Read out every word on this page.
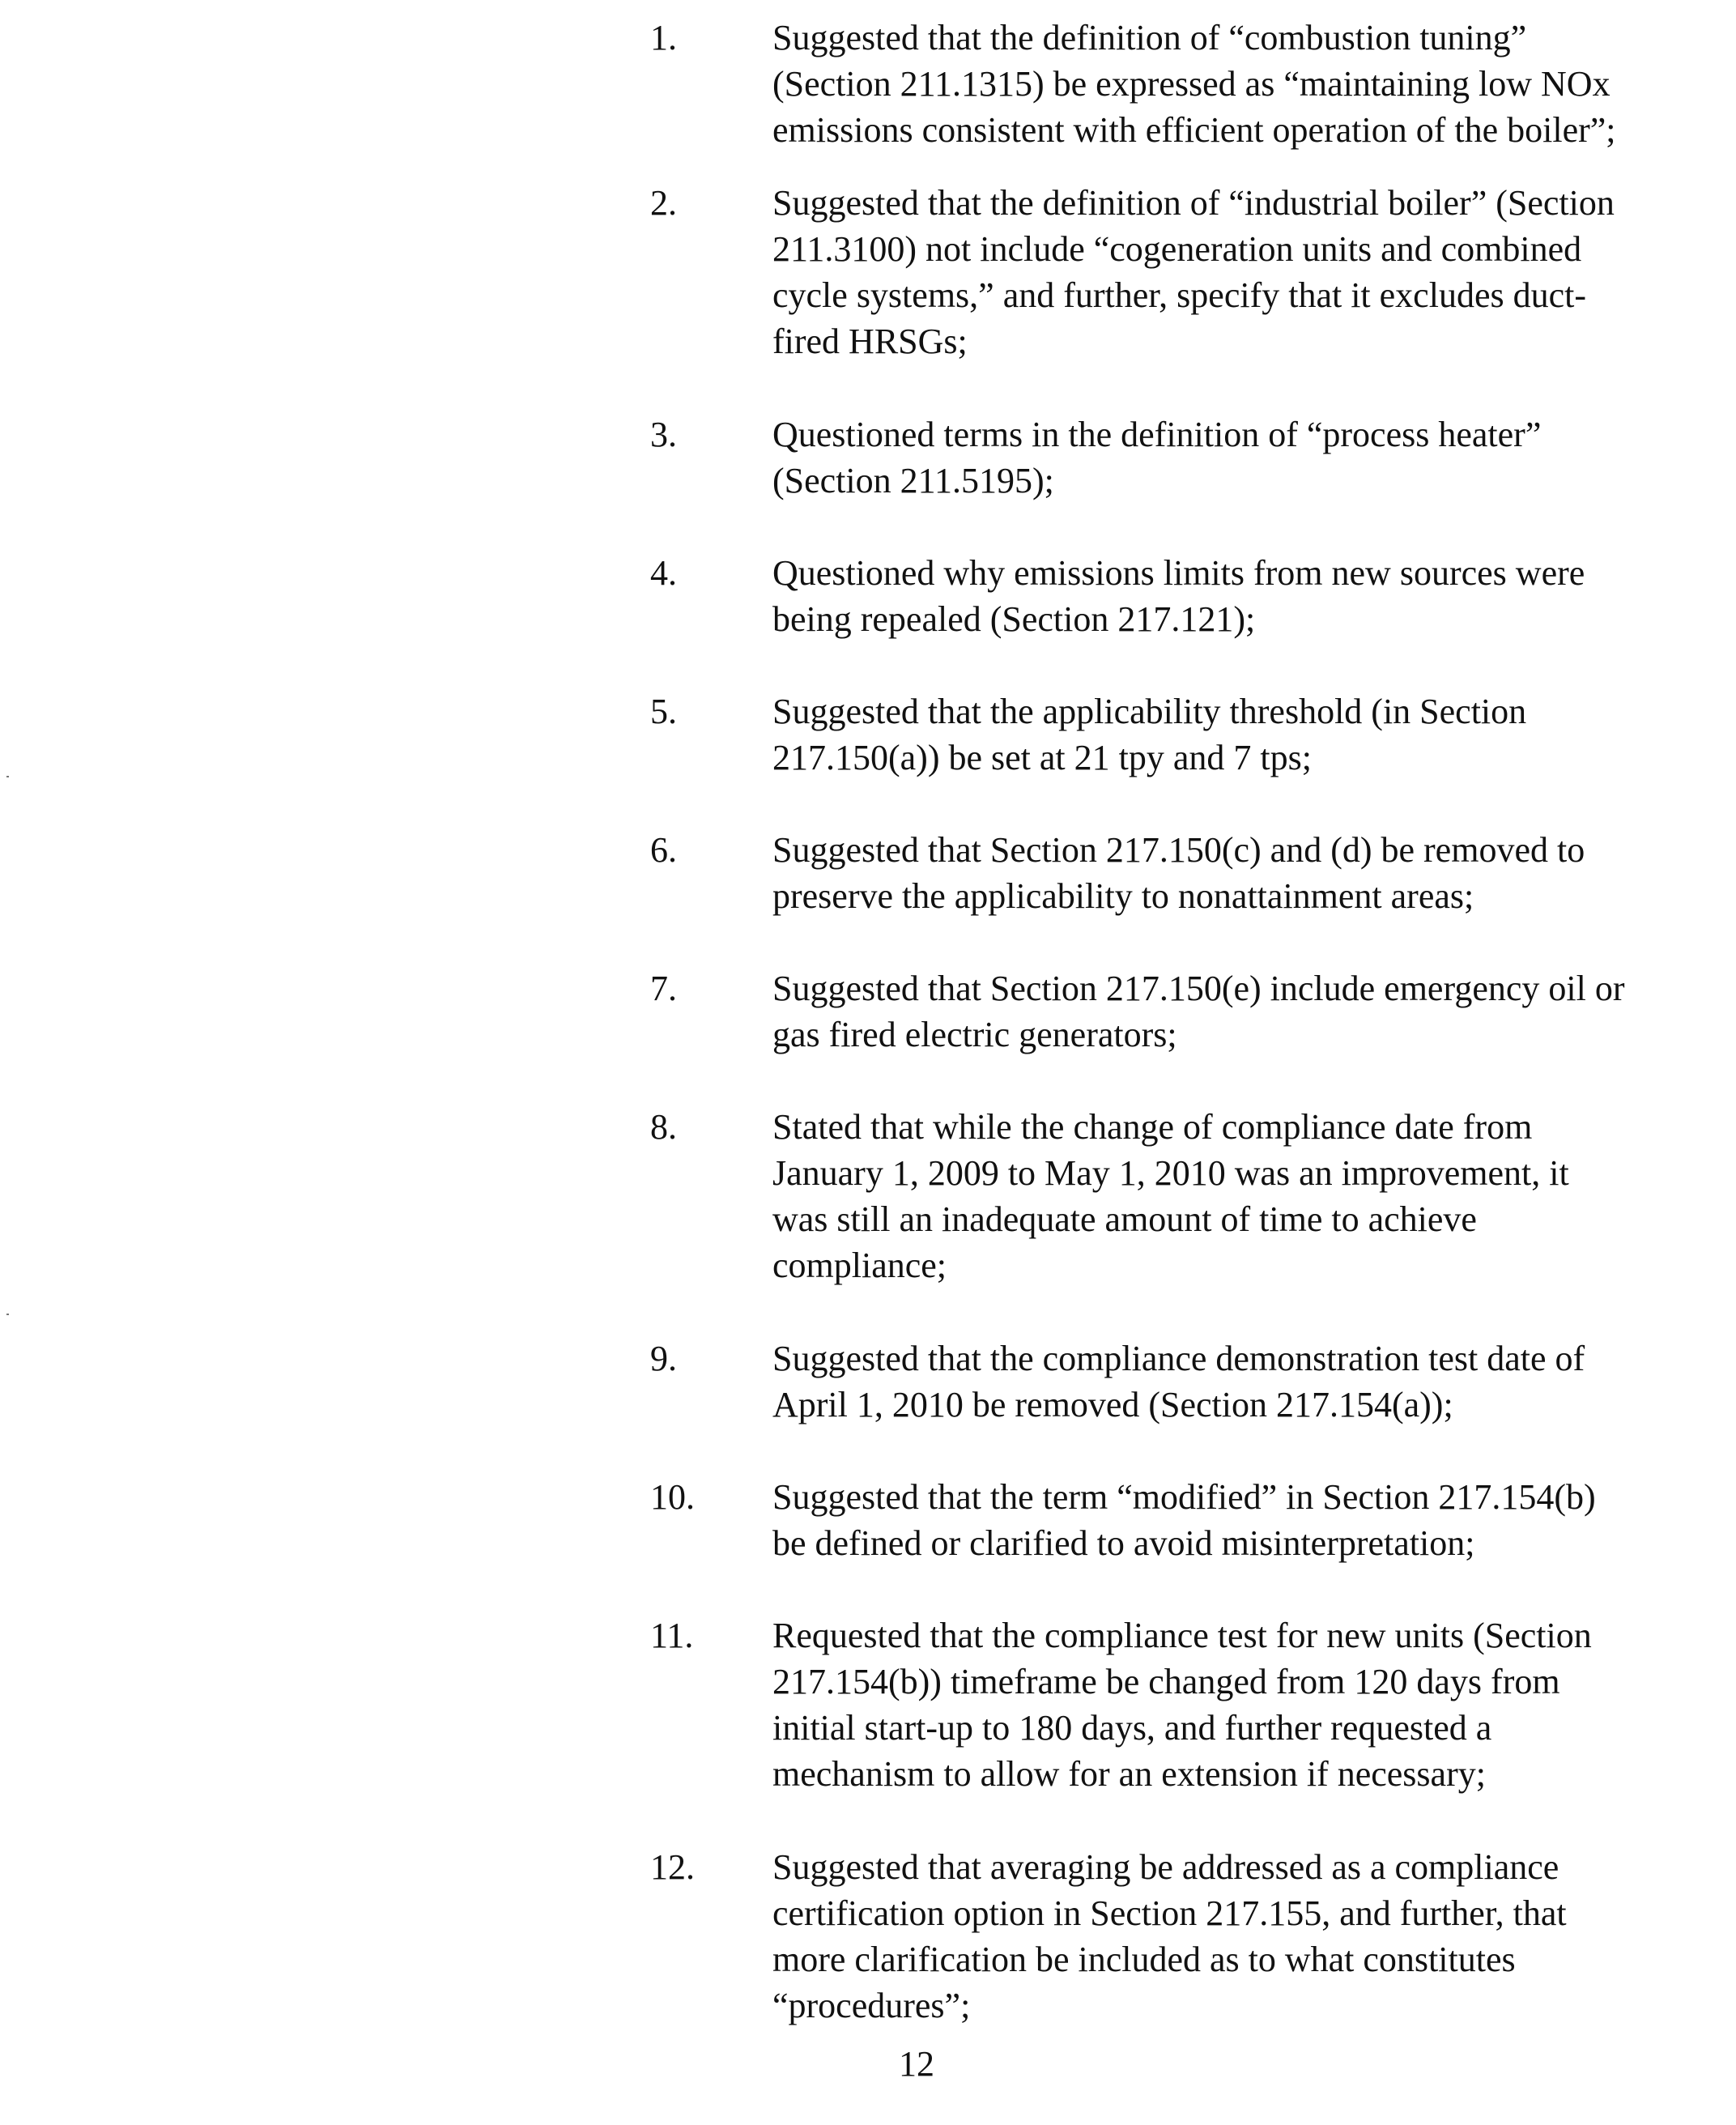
1.	Suggested that the definition of “combustion tuning”
(Section 211.1315) be expressed as “maintaining low NOx
emissions consistent with efficient operation of the boiler”;
2.	Suggested that the definition of “industrial boiler” (Section
211.3100) not include “cogeneration units and combined
cycle systems,” and further, specify that it excludes duct-
fired HRSGs;
3.	Questioned terms in the definition of “process heater”
(Section 211.5195);
4.	Questioned why emissions limits from new sources were
being repealed (Section 217.121);
5.	Suggested that the applicability threshold (in Section
217.150(a)) be set at 21 tpy and 7 tps;
6.	Suggested that Section 217.150(c) and (d) be removed to
preserve the applicability to nonattainment areas;
7.	Suggested that Section 217.150(e) include emergency oil or
gas fired electric generators;
8.	Stated that while the change of compliance date from
January 1, 2009 to May 1, 2010 was an improvement, it
was still an inadequate amount of time to achieve
compliance;
9.	Suggested that the compliance demonstration test date of
April 1, 2010 be removed (Section 217.154(a));
10. Suggested that the term “modified” in Section 217.154(b)
be defined or clarified to avoid misinterpretation;
11. Requested that the compliance test for new units (Section
217.154(b)) timeframe be changed from 120 days from
initial start-up to 180 days, and further requested a
mechanism to allow for an extension if necessary;
12. Suggested that averaging be addressed as a compliance
certification option in Section 217.155, and further, that
more clarification be included as to what constitutes
“procedures”;
12
